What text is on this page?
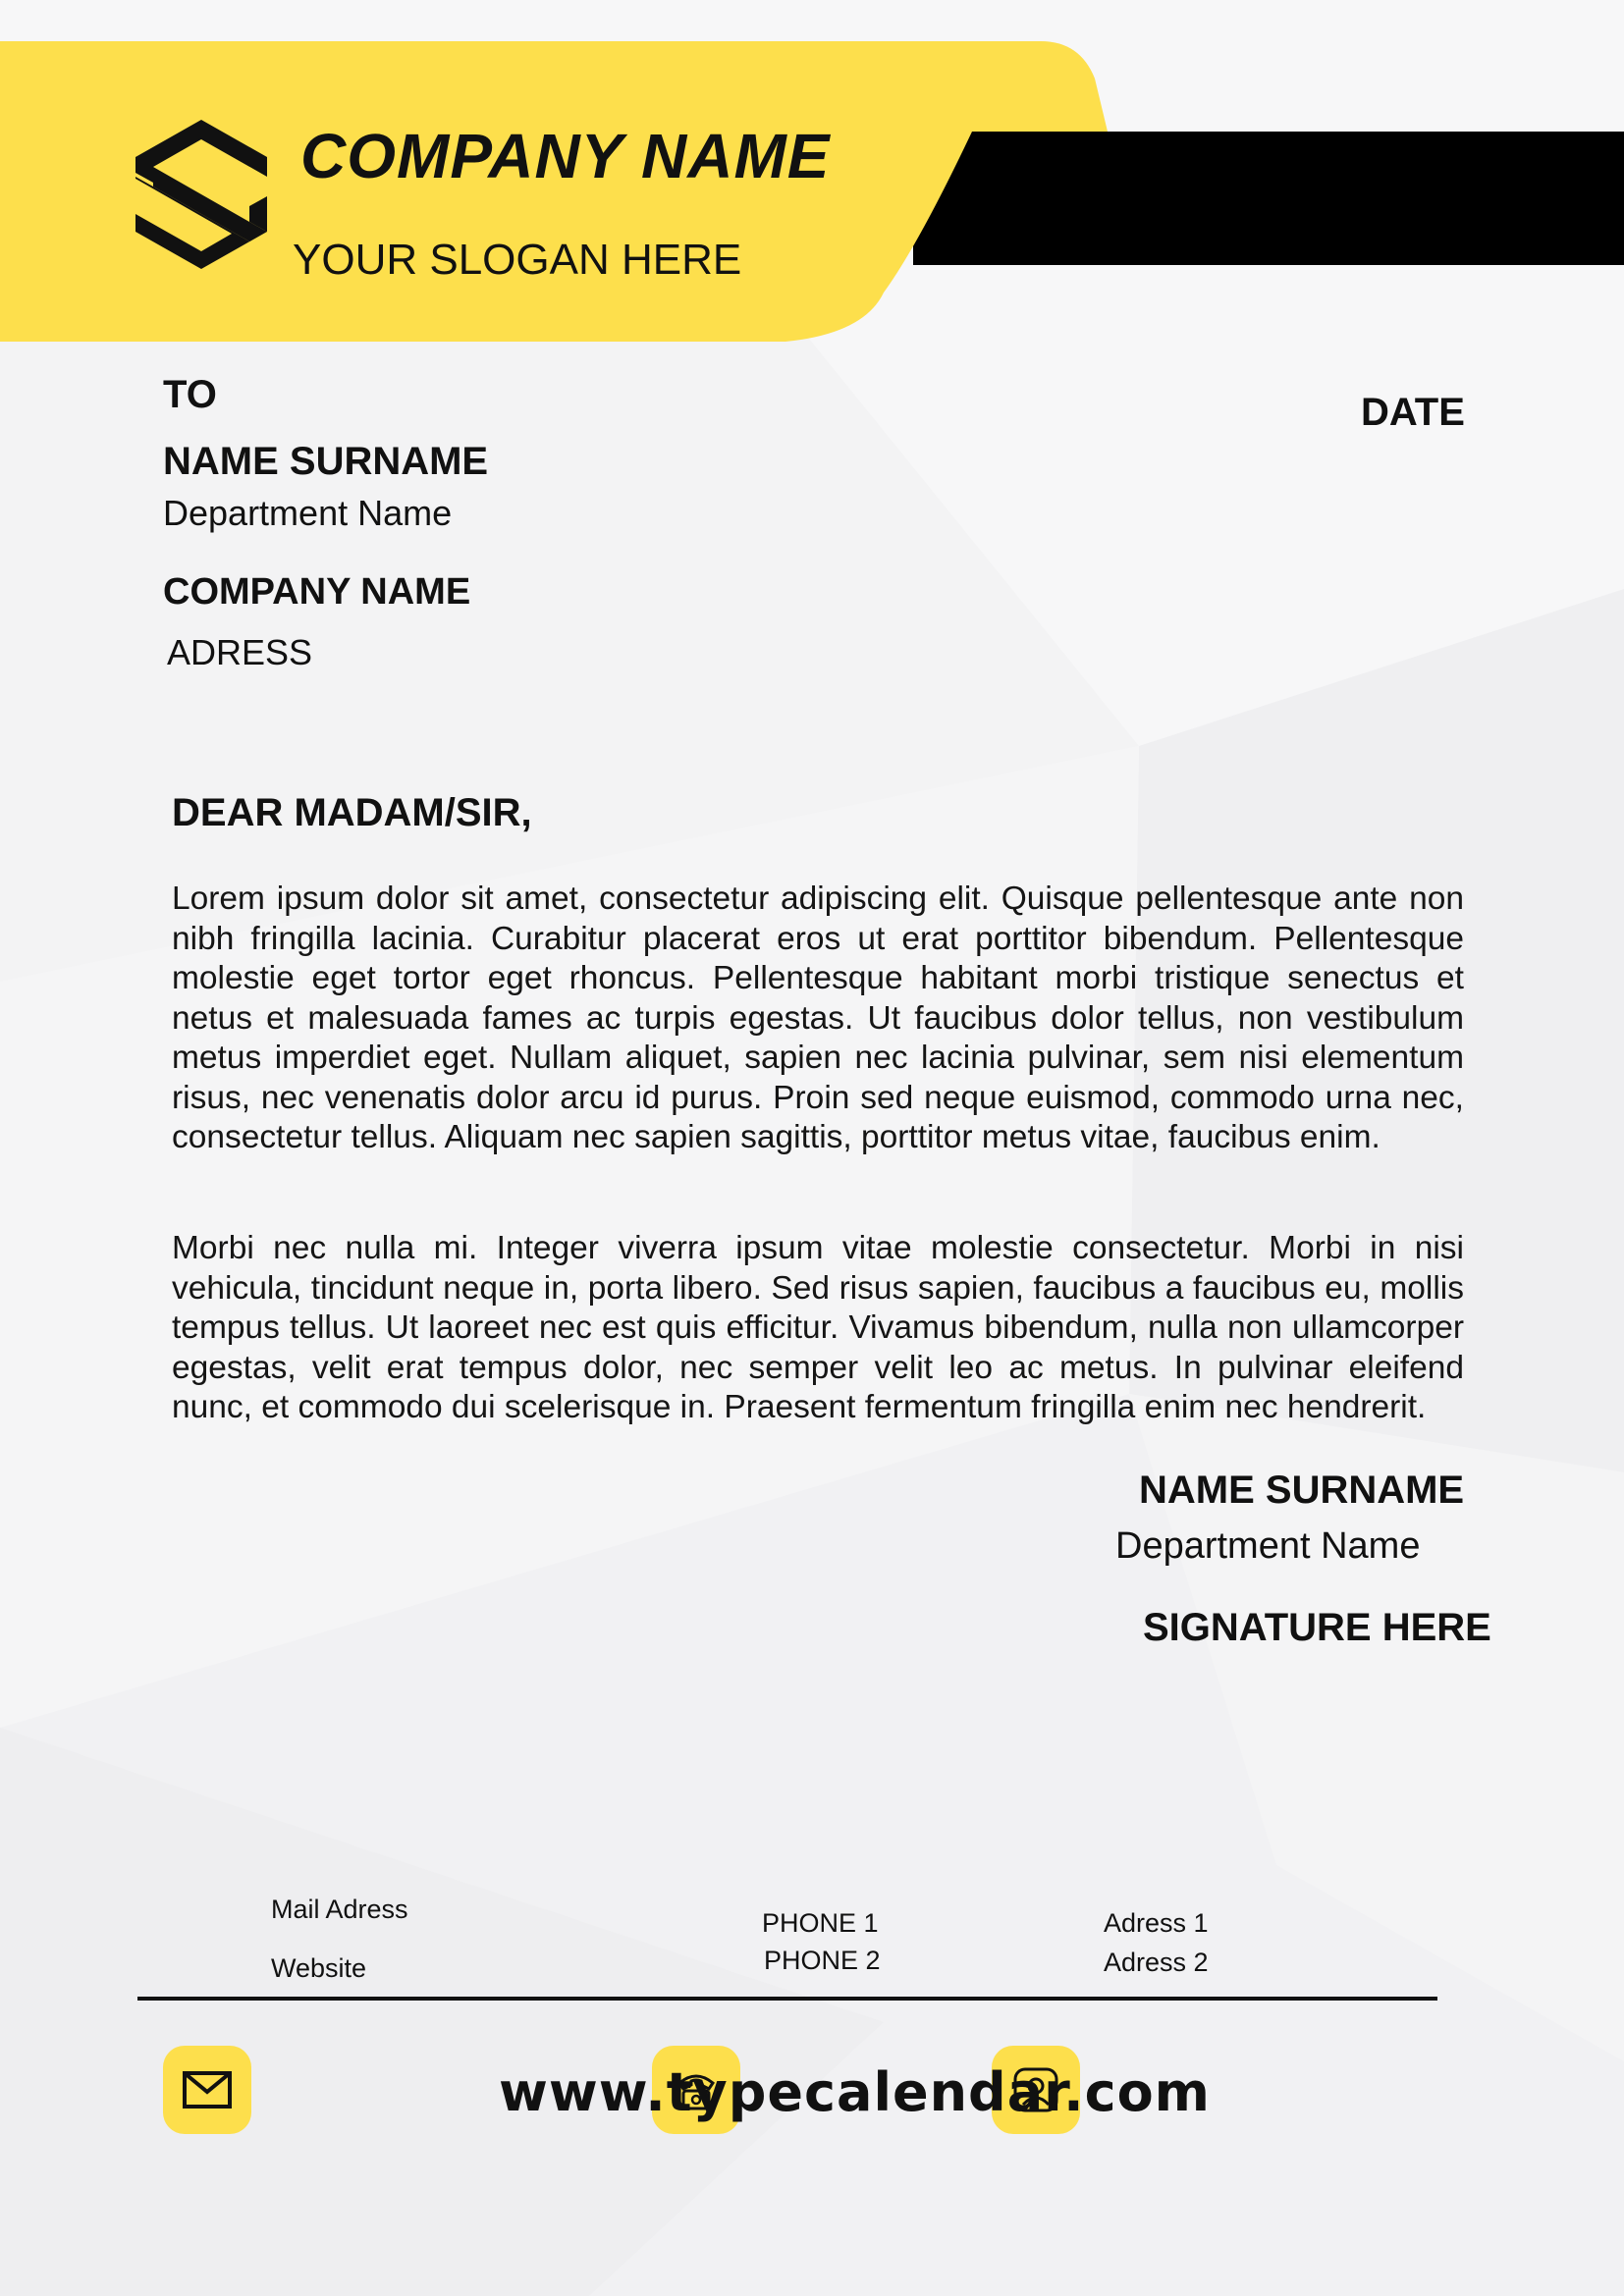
COMPANY NAME
YOUR SLOGAN HERE
TO	DATE
NAME SURNAME
Department Name
COMPANY NAME
ADRESS
DEAR MADAM/SIR,
Lorem ipsum dolor sit amet, consectetur adipiscing elit. Quisque pellentesque ante non nibh fringilla lacinia. Curabitur placerat eros ut erat porttitor bibendum. Pellentesque molestie eget tortor eget rhoncus. Pellentesque habitant morbi tristique senectus et netus et malesuada fames ac turpis egestas. Ut faucibus dolor tellus, non vestibulum metus imperdiet eget. Nullam aliquet, sapien nec lacinia pulvinar, sem nisi elementum risus, nec venenatis dolor arcu id purus. Proin sed neque euismod, commodo urna nec, consectetur tellus. Aliquam nec sapien sagittis, porttitor metus vitae, faucibus enim.
Morbi nec nulla mi. Integer viverra ipsum vitae molestie consectetur. Morbi in nisi vehicula, tincidunt neque in, porta libero. Sed risus sapien, faucibus a faucibus eu, mollis tempus tellus. Ut laoreet nec est quis efficitur. Vivamus bibendum, nulla non ullamcorper egestas, velit erat tempus dolor, nec semper velit leo ac metus. In pulvinar eleifend nunc, et commodo dui scelerisque in. Praesent fermentum fringilla enim nec hendrerit.
NAME SURNAME
Department Name
SIGNATURE HERE
Mail Adress
Website
PHONE 1
PHONE 2
Adress 1
Adress 2
www.typecalendar.com
